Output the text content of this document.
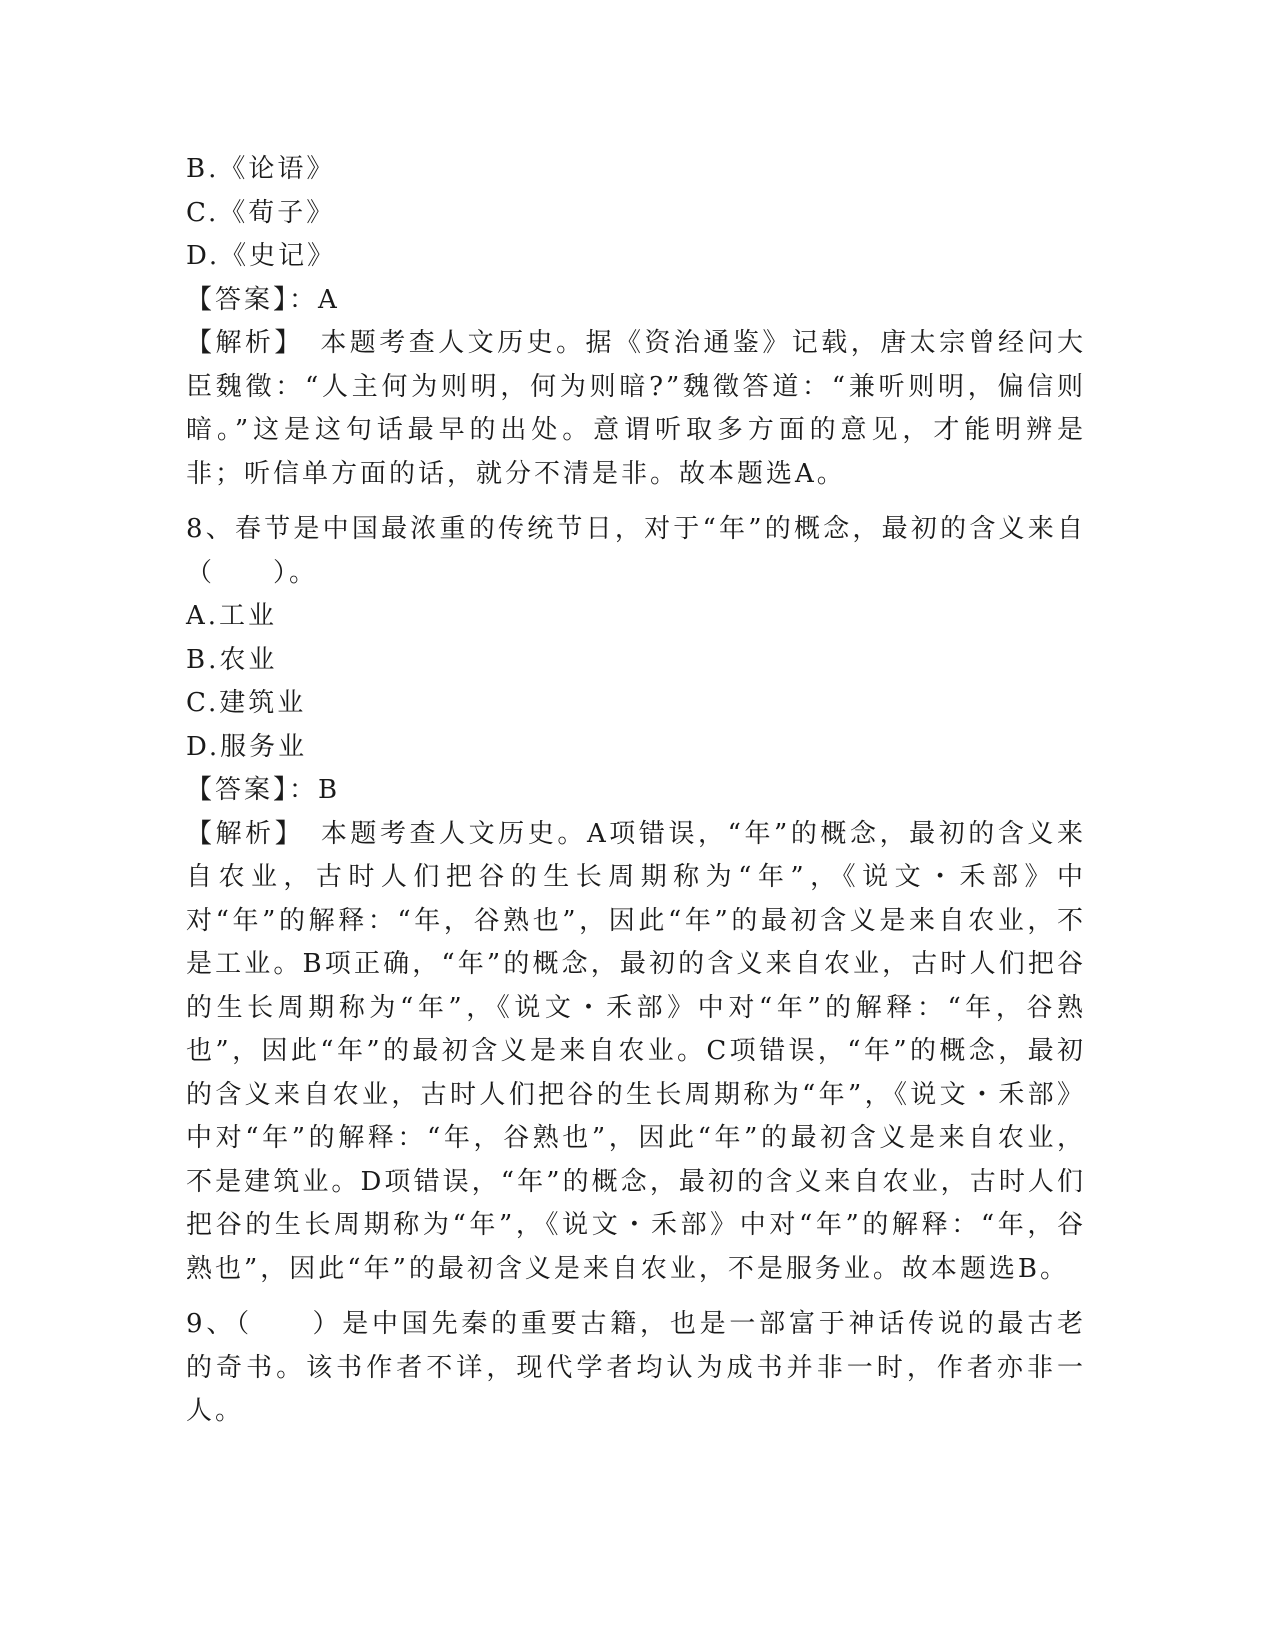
B.《论语》
C.《荀子》
D.《史记》
【答案】：A
【解析】　本题考查人文历史。据《资治通鉴》记载，唐太宗曾经问大臣魏徵：“人主何为则明，何为则暗?”魏徵答道：“兼听则明，偏信则暗。”这是这句话最早的出处。意谓听取多方面的意见，才能明辨是非；听信单方面的话，就分不清是非。故本题选A。
8、春节是中国最浓重的传统节日，对于“年”的概念，最初的含义来自（　　）。
A.工业
B.农业
C.建筑业
D.服务业
【答案】：B
【解析】　本题考查人文历史。A项错误，“年”的概念，最初的含义来自农业，古时人们把谷的生长周期称为“年”，《说文・禾部》中对“年”的解释：“年，谷熟也”，因此“年”的最初含义是来自农业，不是工业。B项正确，“年”的概念，最初的含义来自农业，古时人们把谷的生长周期称为“年”，《说文・禾部》中对“年”的解释：“年，谷熟也”，因此“年”的最初含义是来自农业。C项错误，“年”的概念，最初的含义来自农业，古时人们把谷的生长周期称为“年”，《说文・禾部》中对“年”的解释：“年，谷熟也”，因此“年”的最初含义是来自农业，不是建筑业。D项错误，“年”的概念，最初的含义来自农业，古时人们把谷的生长周期称为“年”，《说文・禾部》中对“年”的解释：“年，谷熟也”，因此“年”的最初含义是来自农业，不是服务业。故本题选B。
9、（　　）是中国先秦的重要古籍，也是一部富于神话传说的最古老的奇书。该书作者不详，现代学者均认为成书并非一时，作者亦非一人。
